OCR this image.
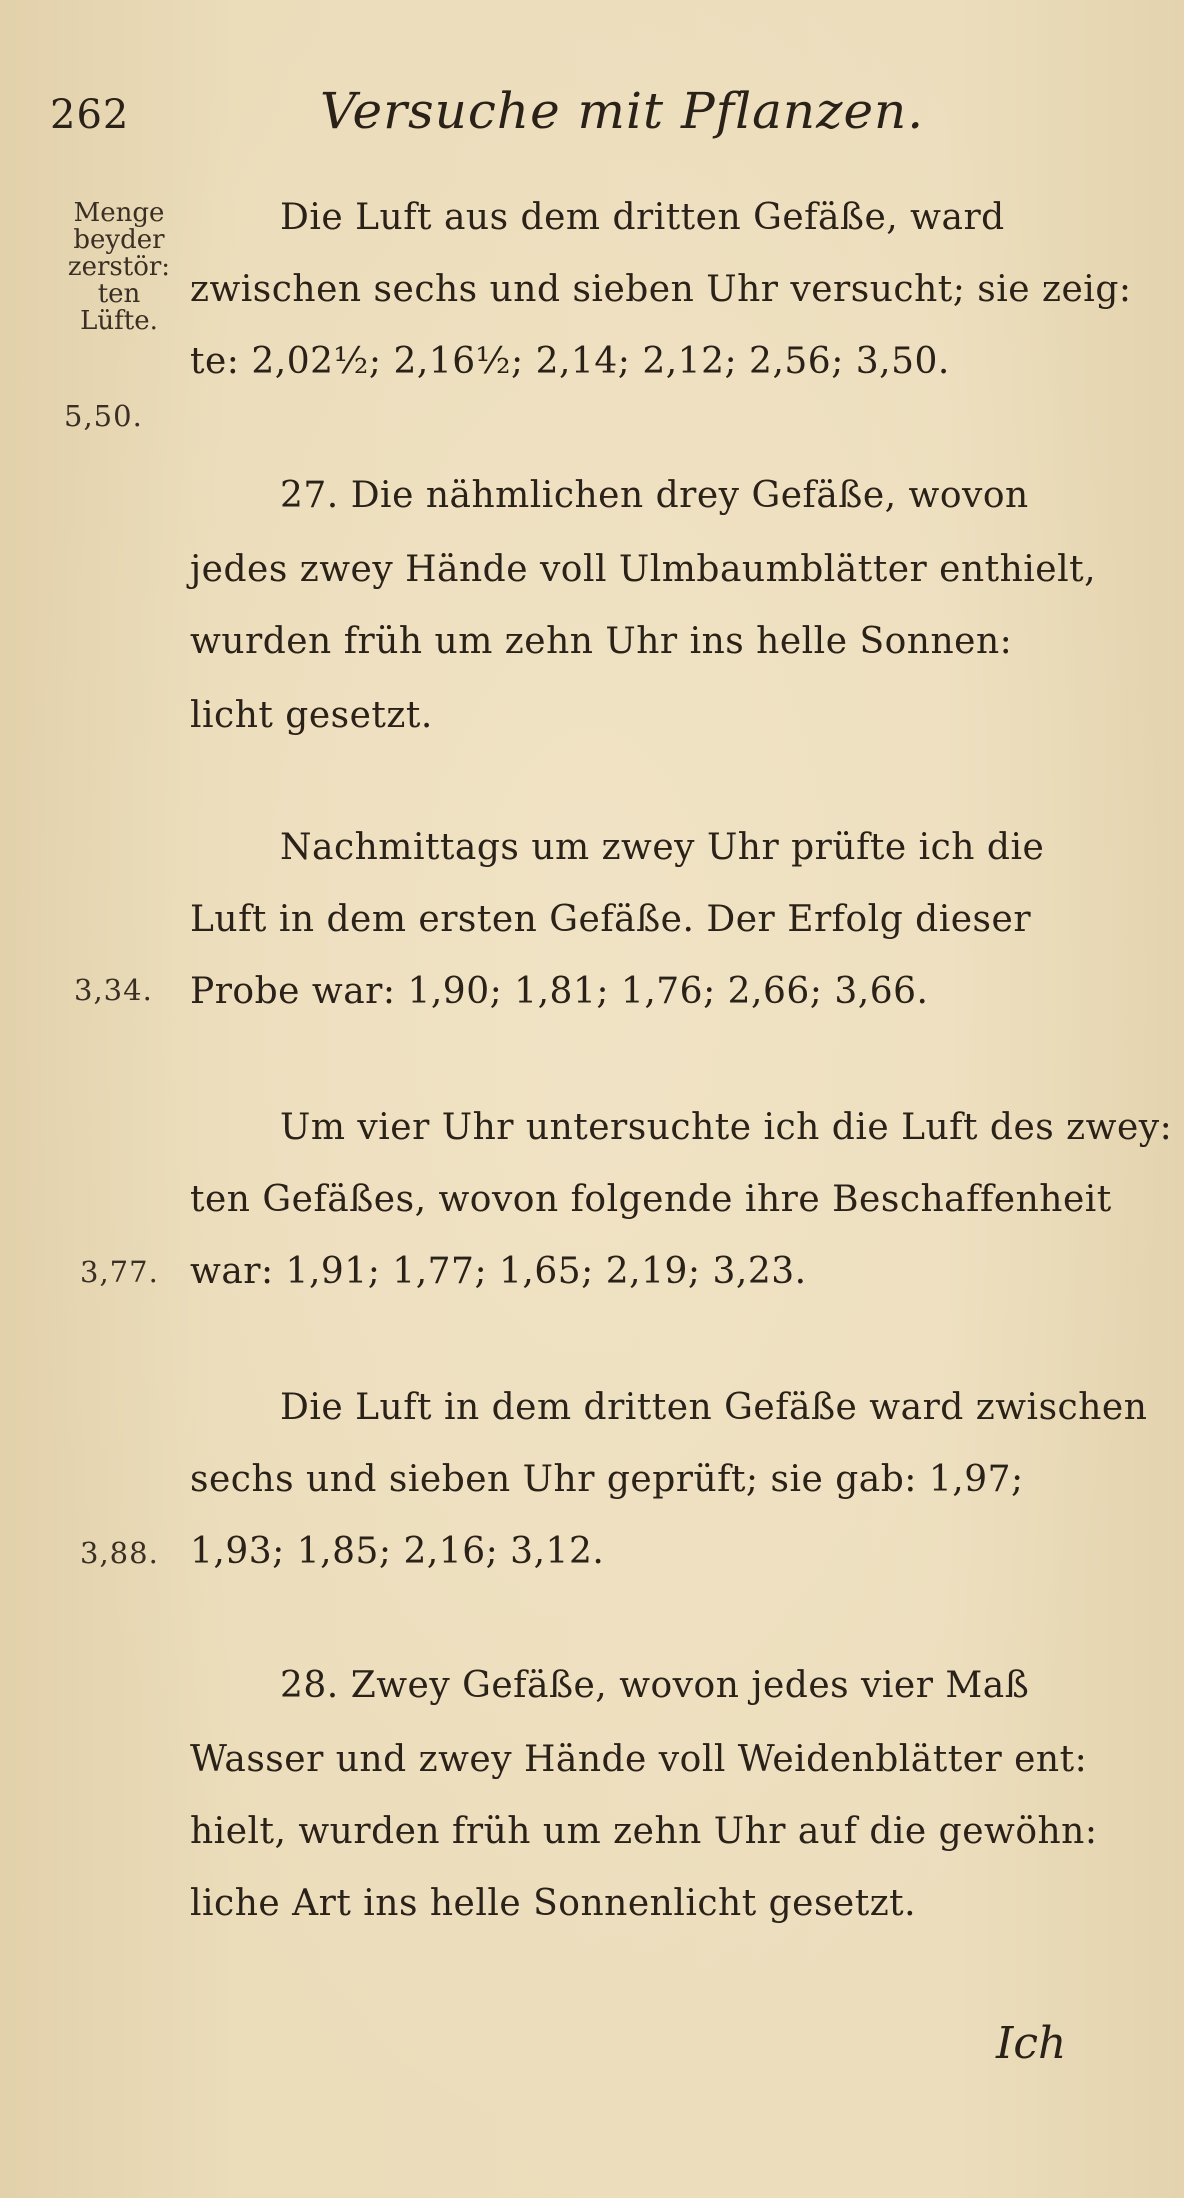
262	Versuche mit Pflanzen.
Menge
beyder
zerstör:
ten
Lüfte.
5,50.
3,34.
3,77.
3,88.
Die Luft aus dem dritten Gefäße, ward
zwischen sechs und sieben Uhr versucht; sie zeig:
te: 2,02½; 2,16½; 2,14; 2,12; 2,56; 3,50.
27. Die nähmlichen drey Gefäße, wovon
jedes zwey Hände voll Ulmbaumblätter enthielt,
wurden früh um zehn Uhr ins helle Sonnen:
licht gesetzt.
Nachmittags um zwey Uhr prüfte ich die
Luft in dem ersten Gefäße. Der Erfolg dieser
Probe war: 1,90; 1,81; 1,76; 2,66; 3,66.
Um vier Uhr untersuchte ich die Luft des zwey:
ten Gefäßes, wovon folgende ihre Beschaffenheit
war: 1,91; 1,77; 1,65; 2,19; 3,23.
Die Luft in dem dritten Gefäße ward zwischen
sechs und sieben Uhr geprüft; sie gab: 1,97;
1,93; 1,85; 2,16; 3,12.
28. Zwey Gefäße, wovon jedes vier Maß
Wasser und zwey Hände voll Weidenblätter ent:
hielt, wurden früh um zehn Uhr auf die gewöhn:
liche Art ins helle Sonnenlicht gesetzt.
Ich
